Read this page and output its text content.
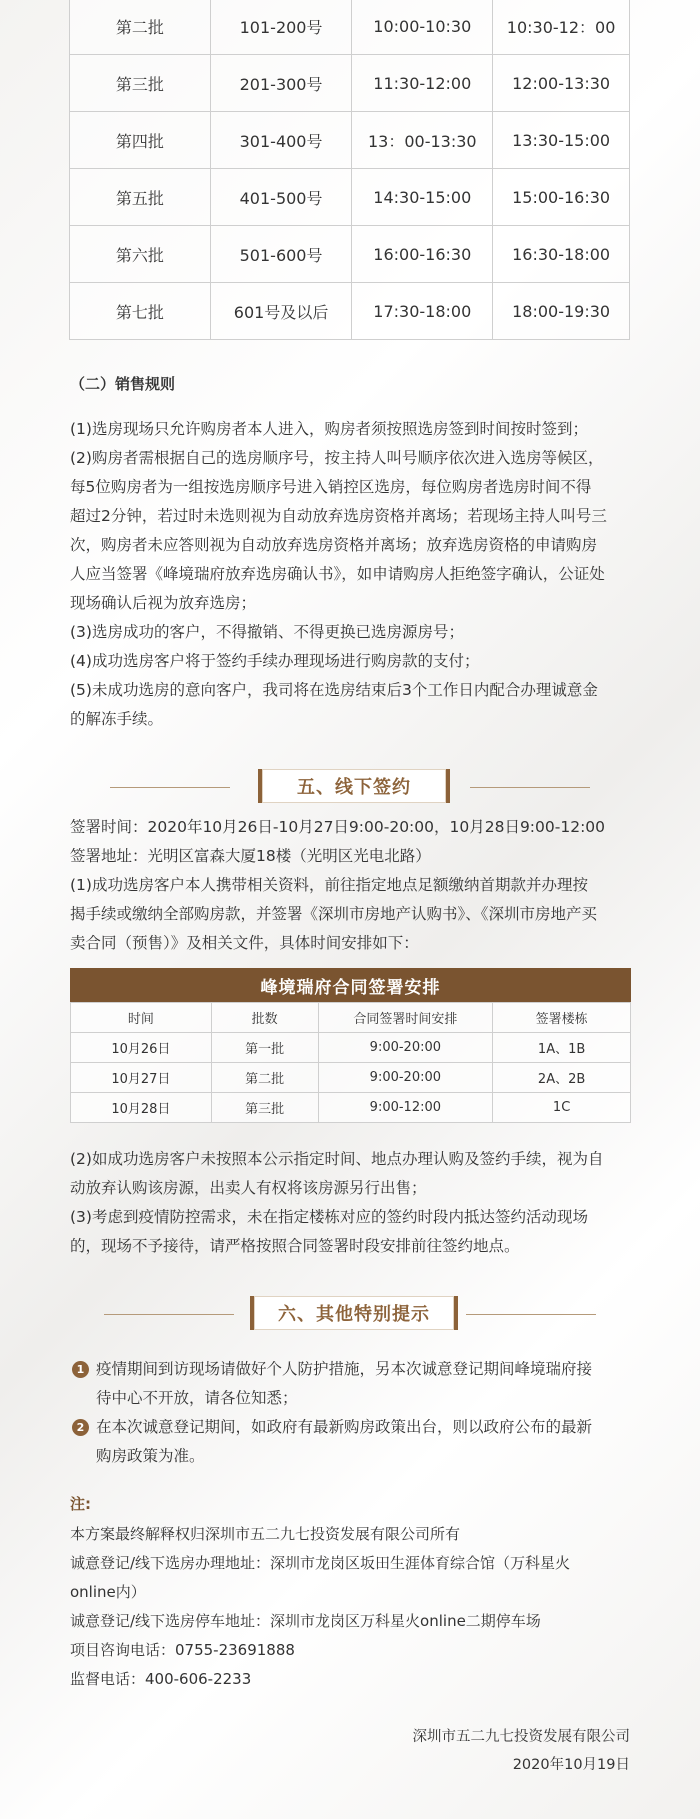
第二批	101-200号	10:00-10:30	10:30-12：00
第三批	201-300号	11:30-12:00	12:00-13:30
第四批	301-400号	13：00-13:30	13:30-15:00
第五批	401-500号	14:30-15:00	15:00-16:30
第六批	501-600号	16:00-16:30	16:30-18:00
第七批	601号及以后	17:30-18:00	18:00-19:30
（二）销售规则

(1)选房现场只允许购房者本人进入，购房者须按照选房签到时间按时签到；

(2)购房者需根据自己的选房顺序号，按主持人叫号顺序依次进入选房等候区，

每5位购房者为一组按选房顺序号进入销控区选房，每位购房者选房时间不得

超过2分钟，若过时未选则视为自动放弃选房资格并离场；若现场主持人叫号三

次，购房者未应答则视为自动放弃选房资格并离场；放弃选房资格的申请购房

人应当签署《峰境瑞府放弃选房确认书》，如申请购房人拒绝签字确认，公证处

现场确认后视为放弃选房；

(3)选房成功的客户，不得撤销、不得更换已选房源房号；

(4)成功选房客户将于签约手续办理现场进行购房款的支付；

(5)未成功选房的意向客户，我司将在选房结束后3个工作日内配合办理诚意金

的解冻手续。

五、线下签约

签署时间：2020年10月26日-10月27日9:00-20:00，10月28日9:00-12:00

签署地址：光明区富森大厦18楼（光明区光电北路）

(1)成功选房客户本人携带相关资料，前往指定地点足额缴纳首期款并办理按

揭手续或缴纳全部购房款，并签署《深圳市房地产认购书》、《深圳市房地产买

卖合同（预售）》及相关文件，具体时间安排如下：

峰境瑞府合同签署安排
时间	批数	合同签署时间安排	签署楼栋
10月26日	第一批	9:00-20:00	1A、1B
10月27日	第二批	9:00-20:00	2A、2B
10月28日	第三批	9:00-12:00	1C

(2)如成功选房客户未按照本公示指定时间、地点办理认购及签约手续，视为自

动放弃认购该房源，出卖人有权将该房源另行出售；

(3)考虑到疫情防控需求，未在指定楼栋对应的签约时段内抵达签约活动现场

的，现场不予接待，请严格按照合同签署时段安排前往签约地点。

六、其他特别提示
1 疫情期间到访现场请做好个人防护措施，另本次诚意登记期间峰境瑞府接
待中心不开放，请各位知悉；
2 在本次诚意登记期间，如政府有最新购房政策出台，则以政府公布的最新
购房政策为准。
注:

本方案最终解释权归深圳市五二九七投资发展有限公司所有

诚意登记/线下选房办理地址：深圳市龙岗区坂田生涯体育综合馆（万科星火

online内）

诚意登记/线下选房停车地址：深圳市龙岗区万科星火online二期停车场

项目咨询电话：0755-23691888

监督电话：400-606-2233

深圳市五二九七投资发展有限公司
2020年10月19日
